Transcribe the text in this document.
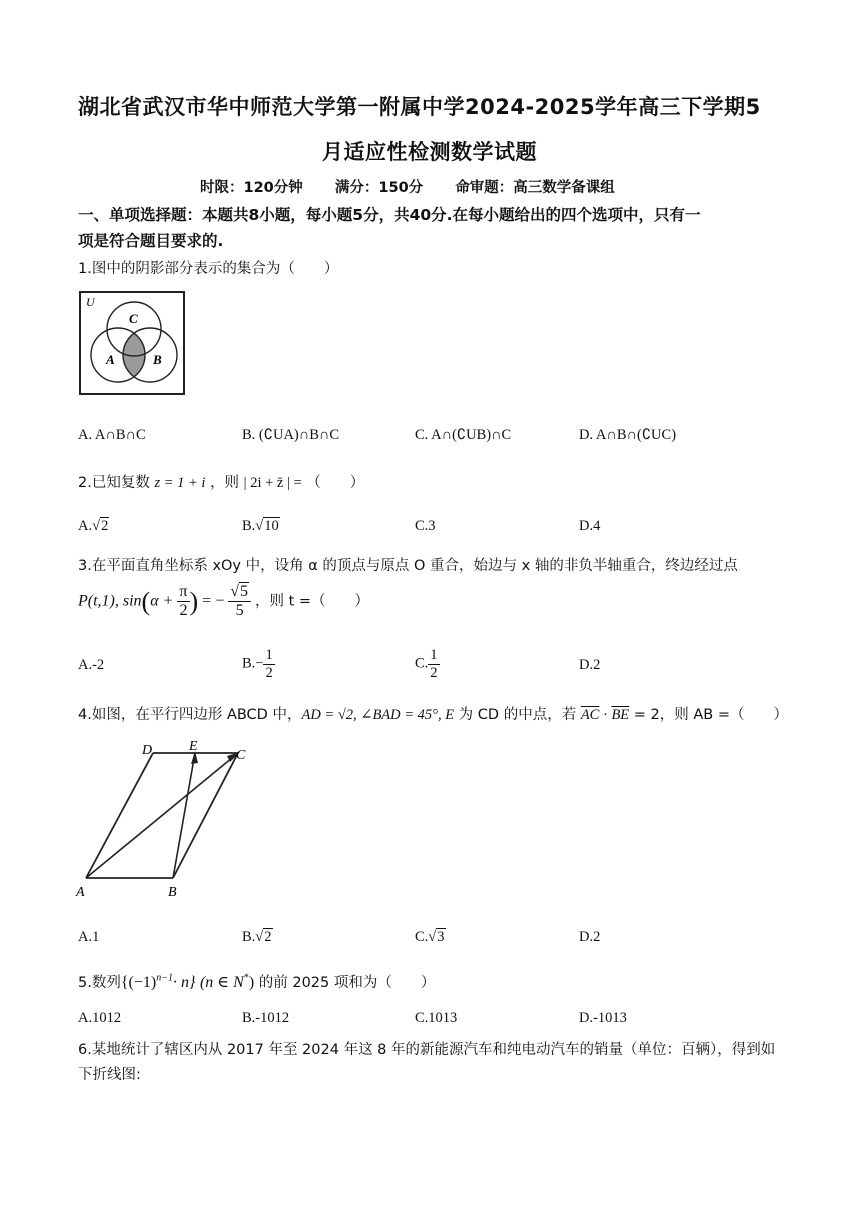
湖北省武汉市华中师范大学第一附属中学2024-2025学年高三下学期5
月适应性检测数学试题
时限：120分钟 满分：150分 命审题：高三数学备课组
一、单项选择题：本题共8小题，每小题5分，共40分.在每小题给出的四个选项中，只有一
项是符合题目要求的.
1.图中的阴影部分表示的集合为（　　）
U
C
A	B
A. A∩B∩C	B. (∁UA)∩B∩C	C. A∩(∁UB)∩C	D. A∩B∩(∁UC)
2.已知复数 z = 1 + i ，则 | 2i + z̄ | = （　　）
A.√2	B.√10	C.3	D.4
3.在平面直角坐标系 xOy 中，设角 α 的顶点与原点 O 重合，始边与 x 轴的非负半轴重合，终边经过点
P(t,1), $\sin(\alpha + \frac{\pi}{2}$ ) = − $\frac{√5}{5}$ ，则 t =（　　）
A.-2	$B.- \frac{1}{2}$	C. $\frac{1}{2}$	D.2
4.如图，在平行四边形 ABCD 中，AD = √2, ∠BAD = 45°, E 为 CD 的中点，若 $\overline{AC} \cdot \overline{BE} = 2$，则 AB =（　　）
D	E
C
A	B
A.1	B.√2	C.√3	D.2
5.数列$\{(-1)^{n-1}\cdot n\}$ (n ∈ N*) 的前 2025 项和为（　　）
A.1012	B.-1012	C.1013	D.-1013
6.某地统计了辖区内从 2017 年至 2024 年这 8 年的新能源汽车和纯电动汽车的销量（单位：百辆），得到如
下折线图:
